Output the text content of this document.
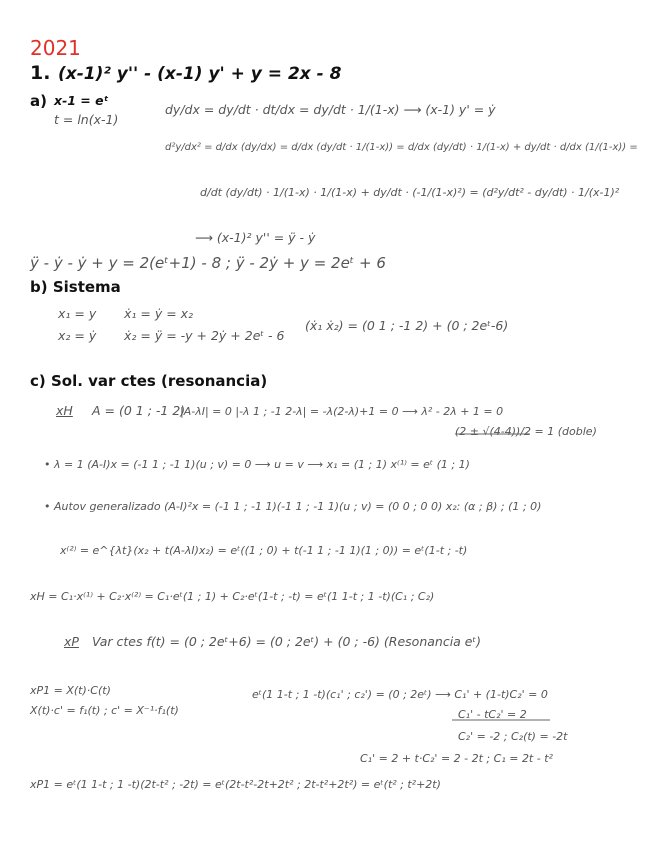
2021
1. (x-1)² y'' - (x-1) y' + y = 2x - 8
a) x-1 = eᵗ
t = ln(x-1)
dy/dx = dy/dt · dt/dx = dy/dt · 1/(1-x) ⟶ (x-1) y' = ẏ
d²y/dx² = d/dx (dy/dx) = d/dx (dy/dt · 1/(1-x)) = d/dx (dy/dt) · 1/(1-x) + dy/dt · d/dx (1/(1-x)) =
d/dt (dy/dt) · 1/(1-x) · 1/(1-x) + dy/dt · (-1/(1-x)²) = (d²y/dt² - dy/dt) · 1/(x-1)²
⟶ (x-1)² y'' = ÿ - ẏ
ÿ - ẏ - ẏ + y = 2(eᵗ+1) - 8 ; ÿ - 2ẏ + y = 2eᵗ + 6
b) Sistema
x₁ = y
x₂ = ẏ
ẋ₁ = ẏ = x₂
ẋ₂ = ÿ = -y + 2ẏ + 2eᵗ - 6
(ẋ₁ ẋ₂) = (0 1 ; -1 2) + (0 ; 2eᵗ-6)
c) Sol. var ctes (resonancia)
xH A = (0 1 ; -1 2)
|A-λI| = 0 |-λ 1 ; -1 2-λ| = -λ(2-λ)+1 = 0 ⟶ λ² - 2λ + 1 = 0
(2 ± √(4-4))/2 = 1 (doble)
• λ = 1 (A-I)x = (-1 1 ; -1 1)(u ; v) = 0 ⟶ u = v ⟶ x₁ = (1 ; 1) x⁽¹⁾ = eᵗ (1 ; 1)
• Autov generalizado (A-I)²x = (-1 1 ; -1 1)(-1 1 ; -1 1)(u ; v) = (0 0 ; 0 0) x₂: (α ; β) ; (1 ; 0)
x⁽²⁾ = e^{λt}(x₂ + t(A-λI)x₂) = eᵗ((1 ; 0) + t(-1 1 ; -1 1)(1 ; 0)) = eᵗ(1-t ; -t)
xH = C₁·x⁽¹⁾ + C₂·x⁽²⁾ = C₁·eᵗ(1 ; 1) + C₂·eᵗ(1-t ; -t) = eᵗ(1 1-t ; 1 -t)(C₁ ; C₂)
xP Var ctes f(t) = (0 ; 2eᵗ+6) = (0 ; 2eᵗ) + (0 ; -6) (Resonancia eᵗ)
xP1 = X(t)·C(t)
X(t)·c' = f₁(t) ; c' = X⁻¹·f₁(t)
eᵗ(1 1-t ; 1 -t)(c₁' ; c₂') = (0 ; 2eᵗ) ⟶ C₁' + (1-t)C₂' = 0
C₁' - tC₂' = 2
C₂' = -2 ; C₂(t) = -2t
C₁' = 2 + t·C₂' = 2 - 2t ; C₁ = 2t - t²
xP1 = eᵗ(1 1-t ; 1 -t)(2t-t² ; -2t) = eᵗ(2t-t²-2t+2t² ; 2t-t²+2t²) = eᵗ(t² ; t²+2t)
